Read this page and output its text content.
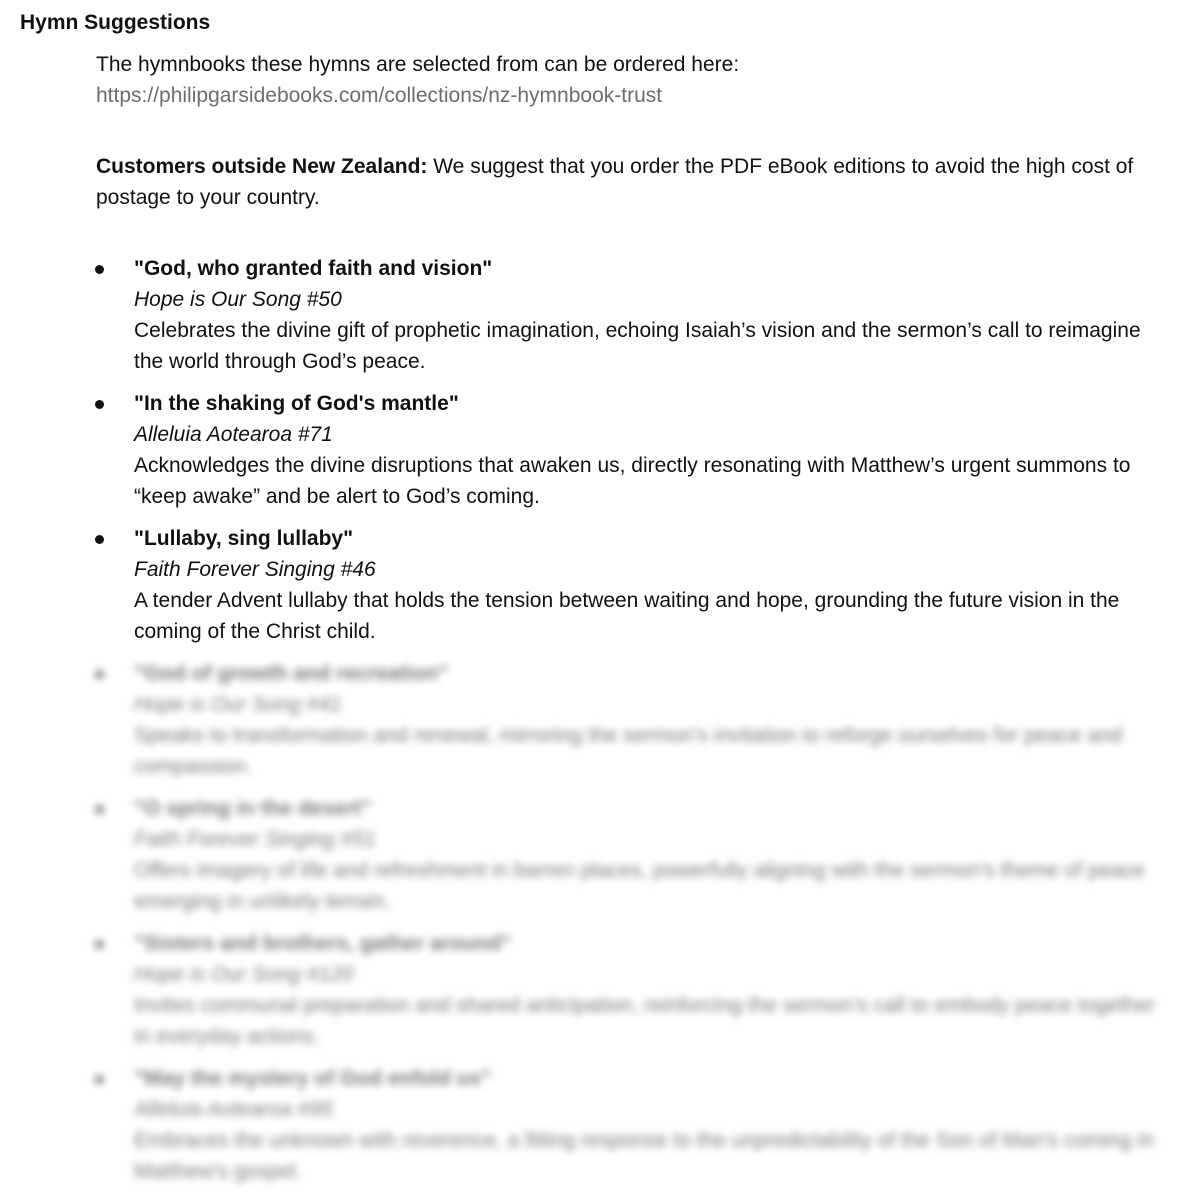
Hymn Suggestions
The hymnbooks these hymns are selected from can be ordered here:
https://philipgarsidebooks.com/collections/nz-hymnbook-trust
Customers outside New Zealand: We suggest that you order the PDF eBook editions to avoid the high cost of postage to your country.
"God, who granted faith and vision"
Hope is Our Song #50
Celebrates the divine gift of prophetic imagination, echoing Isaiah’s vision and the sermon’s call to reimagine the world through God’s peace.
"In the shaking of God's mantle"
Alleluia Aotearoa #71
Acknowledges the divine disruptions that awaken us, directly resonating with Matthew’s urgent summons to “keep awake” and be alert to God’s coming.
"Lullaby, sing lullaby"
Faith Forever Singing #46
A tender Advent lullaby that holds the tension between waiting and hope, grounding the future vision in the coming of the Christ child.
"God of growth and recreation"
Hope is Our Song #41
Speaks to transformation and renewal, mirroring the sermon’s invitation to reforge ourselves for peace and compassion.
"O spring in the desert"
Faith Forever Singing #51
Offers imagery of life and refreshment in barren places, powerfully aligning with the sermon’s theme of peace emerging in unlikely terrain.
"Sisters and brothers, gather around"
Hope is Our Song #120
Invites communal preparation and shared anticipation, reinforcing the sermon’s call to embody peace together in everyday actions.
"May the mystery of God enfold us"
Alleluia Aotearoa #95
Embraces the unknown with reverence, a fitting response to the unpredictability of the Son of Man’s coming in Matthew’s gospel.
